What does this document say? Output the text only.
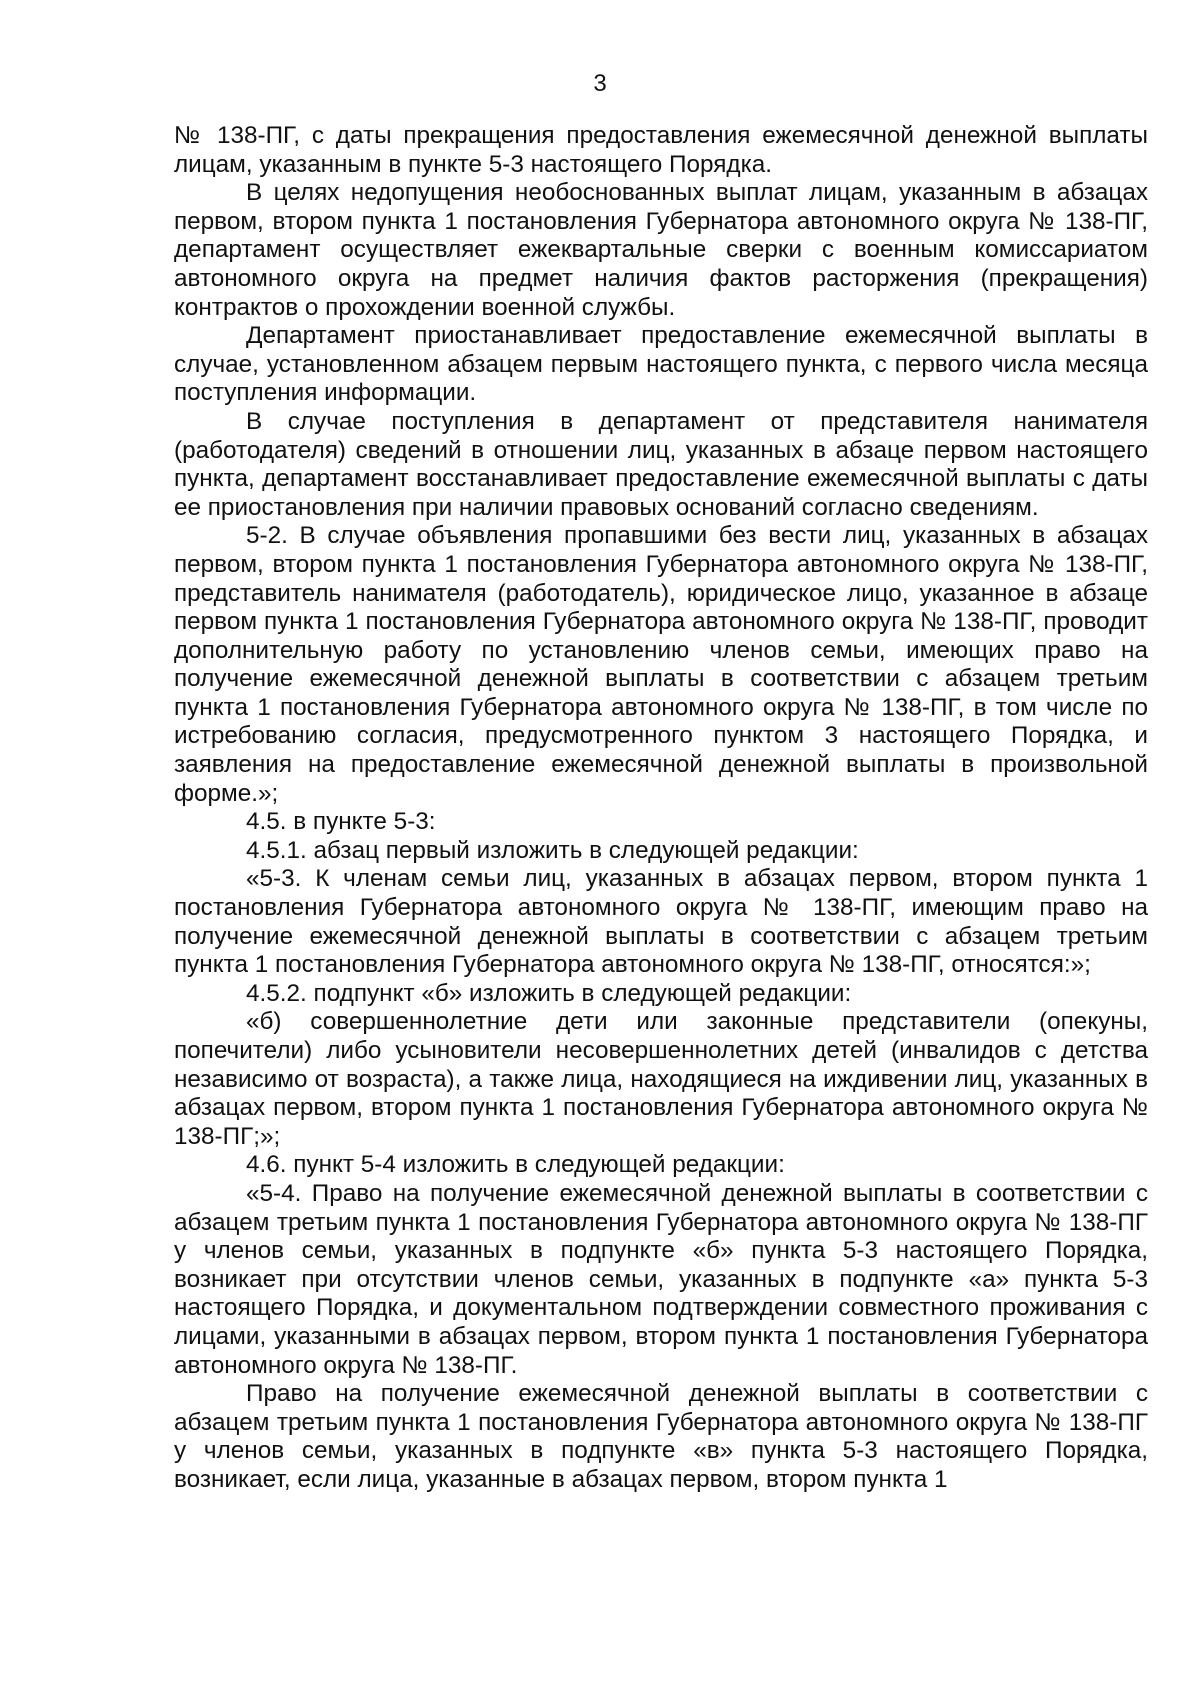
3

№ 138-ПГ, с даты прекращения предоставления ежемесячной денежной выплаты лицам, указанным в пункте 5-3 настоящего Порядка.

В целях недопущения необоснованных выплат лицам, указанным в абзацах первом, втором пункта 1 постановления Губернатора автономного округа № 138-ПГ, департамент осуществляет ежеквартальные сверки с военным комиссариатом автономного округа на предмет наличия фактов расторжения (прекращения) контрактов о прохождении военной службы.

Департамент приостанавливает предоставление ежемесячной выплаты в случае, установленном абзацем первым настоящего пункта, с первого числа месяца поступления информации.

В случае поступления в департамент от представителя нанимателя (работодателя) сведений в отношении лиц, указанных в абзаце первом настоящего пункта, департамент восстанавливает предоставление ежемесячной выплаты с даты ее приостановления при наличии правовых оснований согласно сведениям.

5-2. В случае объявления пропавшими без вести лиц, указанных в абзацах первом, втором пункта 1 постановления Губернатора автономного округа № 138-ПГ, представитель нанимателя (работодатель), юридическое лицо, указанное в абзаце первом пункта 1 постановления Губернатора автономного округа № 138-ПГ, проводит дополнительную работу по установлению членов семьи, имеющих право на получение ежемесячной денежной выплаты в соответствии с абзацем третьим пункта 1 постановления Губернатора автономного округа № 138-ПГ, в том числе по истребованию согласия, предусмотренного пунктом 3 настоящего Порядка, и заявления на предоставление ежемесячной денежной выплаты в произвольной форме.»;

4.5. в пункте 5-3:

4.5.1. абзац первый изложить в следующей редакции:

«5-3. К членам семьи лиц, указанных в абзацах первом, втором пункта 1 постановления Губернатора автономного округа № 138-ПГ, имеющим право на получение ежемесячной денежной выплаты в соответствии с абзацем третьим пункта 1 постановления Губернатора автономного округа № 138-ПГ, относятся:»;

4.5.2. подпункт «б» изложить в следующей редакции:

«б) совершеннолетние дети или законные представители (опекуны, попечители) либо усыновители несовершеннолетних детей (инвалидов с детства независимо от возраста), а также лица, находящиеся на иждивении лиц, указанных в абзацах первом, втором пункта 1 постановления Губернатора автономного округа № 138-ПГ;»;

4.6. пункт 5-4 изложить в следующей редакции:

«5-4. Право на получение ежемесячной денежной выплаты в соответствии с абзацем третьим пункта 1 постановления Губернатора автономного округа № 138-ПГ у членов семьи, указанных в подпункте «б» пункта 5-3 настоящего Порядка, возникает при отсутствии членов семьи, указанных в подпункте «а» пункта 5-3 настоящего Порядка, и документальном подтверждении совместного проживания с лицами, указанными в абзацах первом, втором пункта 1 постановления Губернатора автономного округа № 138-ПГ.

Право на получение ежемесячной денежной выплаты в соответствии с абзацем третьим пункта 1 постановления Губернатора автономного округа № 138-ПГ у членов семьи, указанных в подпункте «в» пункта 5-3 настоящего Порядка, возникает, если лица, указанные в абзацах первом, втором пункта 1
